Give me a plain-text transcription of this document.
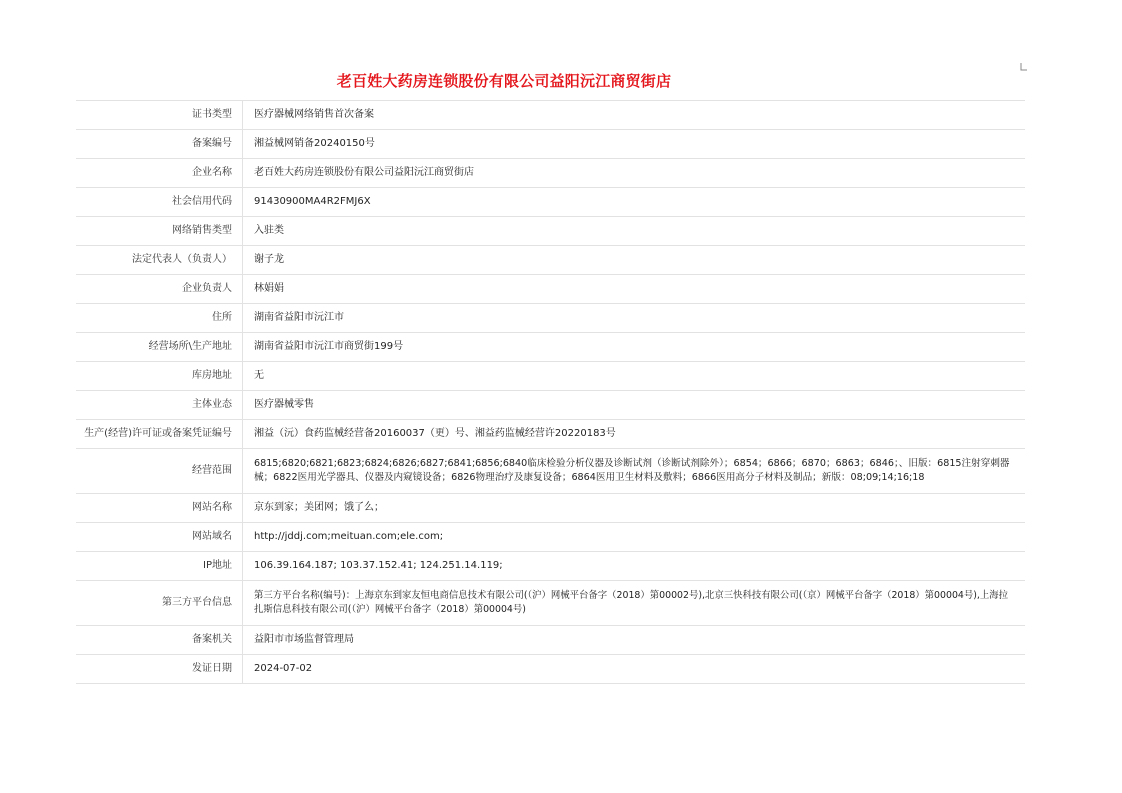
老百姓大药房连锁股份有限公司益阳沅江商贸街店
证书类型	医疗器械网络销售首次备案
备案编号	湘益械网销备20240150号
企业名称	老百姓大药房连锁股份有限公司益阳沅江商贸街店
社会信用代码	91430900MA4R2FMJ6X
网络销售类型	入驻类
法定代表人（负责人）	谢子龙
企业负责人	林娟娟
住所	湖南省益阳市沅江市
经营场所\生产地址	湖南省益阳市沅江市商贸街199号
库房地址	无
主体业态	医疗器械零售
生产(经营)许可证或备案凭证编号	湘益（沅）食药监械经营备20160037（更）号、湘益药监械经营许20220183号
经营范围	6815;6820;6821;6823;6824;6826;6827;6841;6856;6840临床检验分析仪器及诊断试剂（诊断试剂除外）；6854；6866；6870；6863；6846；、旧版：6815注射穿刺器械；6822医用光学器具、仪器及内窥镜设备；6826物理治疗及康复设备；6864医用卫生材料及敷料；6866医用高分子材料及制品；新版：08;09;14;16;18
网站名称	京东到家；美团网；饿了么；
网站域名	http://jddj.com;meituan.com;ele.com;
IP地址	106.39.164.187; 103.37.152.41; 124.251.14.119;
第三方平台信息	第三方平台名称(编号)：上海京东到家友恒电商信息技术有限公司(（沪）网械平台备字（2018）第00002号),北京三快科技有限公司(（京）网械平台备字（2018）第00004号),上海拉扎斯信息科技有限公司(（沪）网械平台备字（2018）第00004号)
备案机关	益阳市市场监督管理局
发证日期	2024-07-02
